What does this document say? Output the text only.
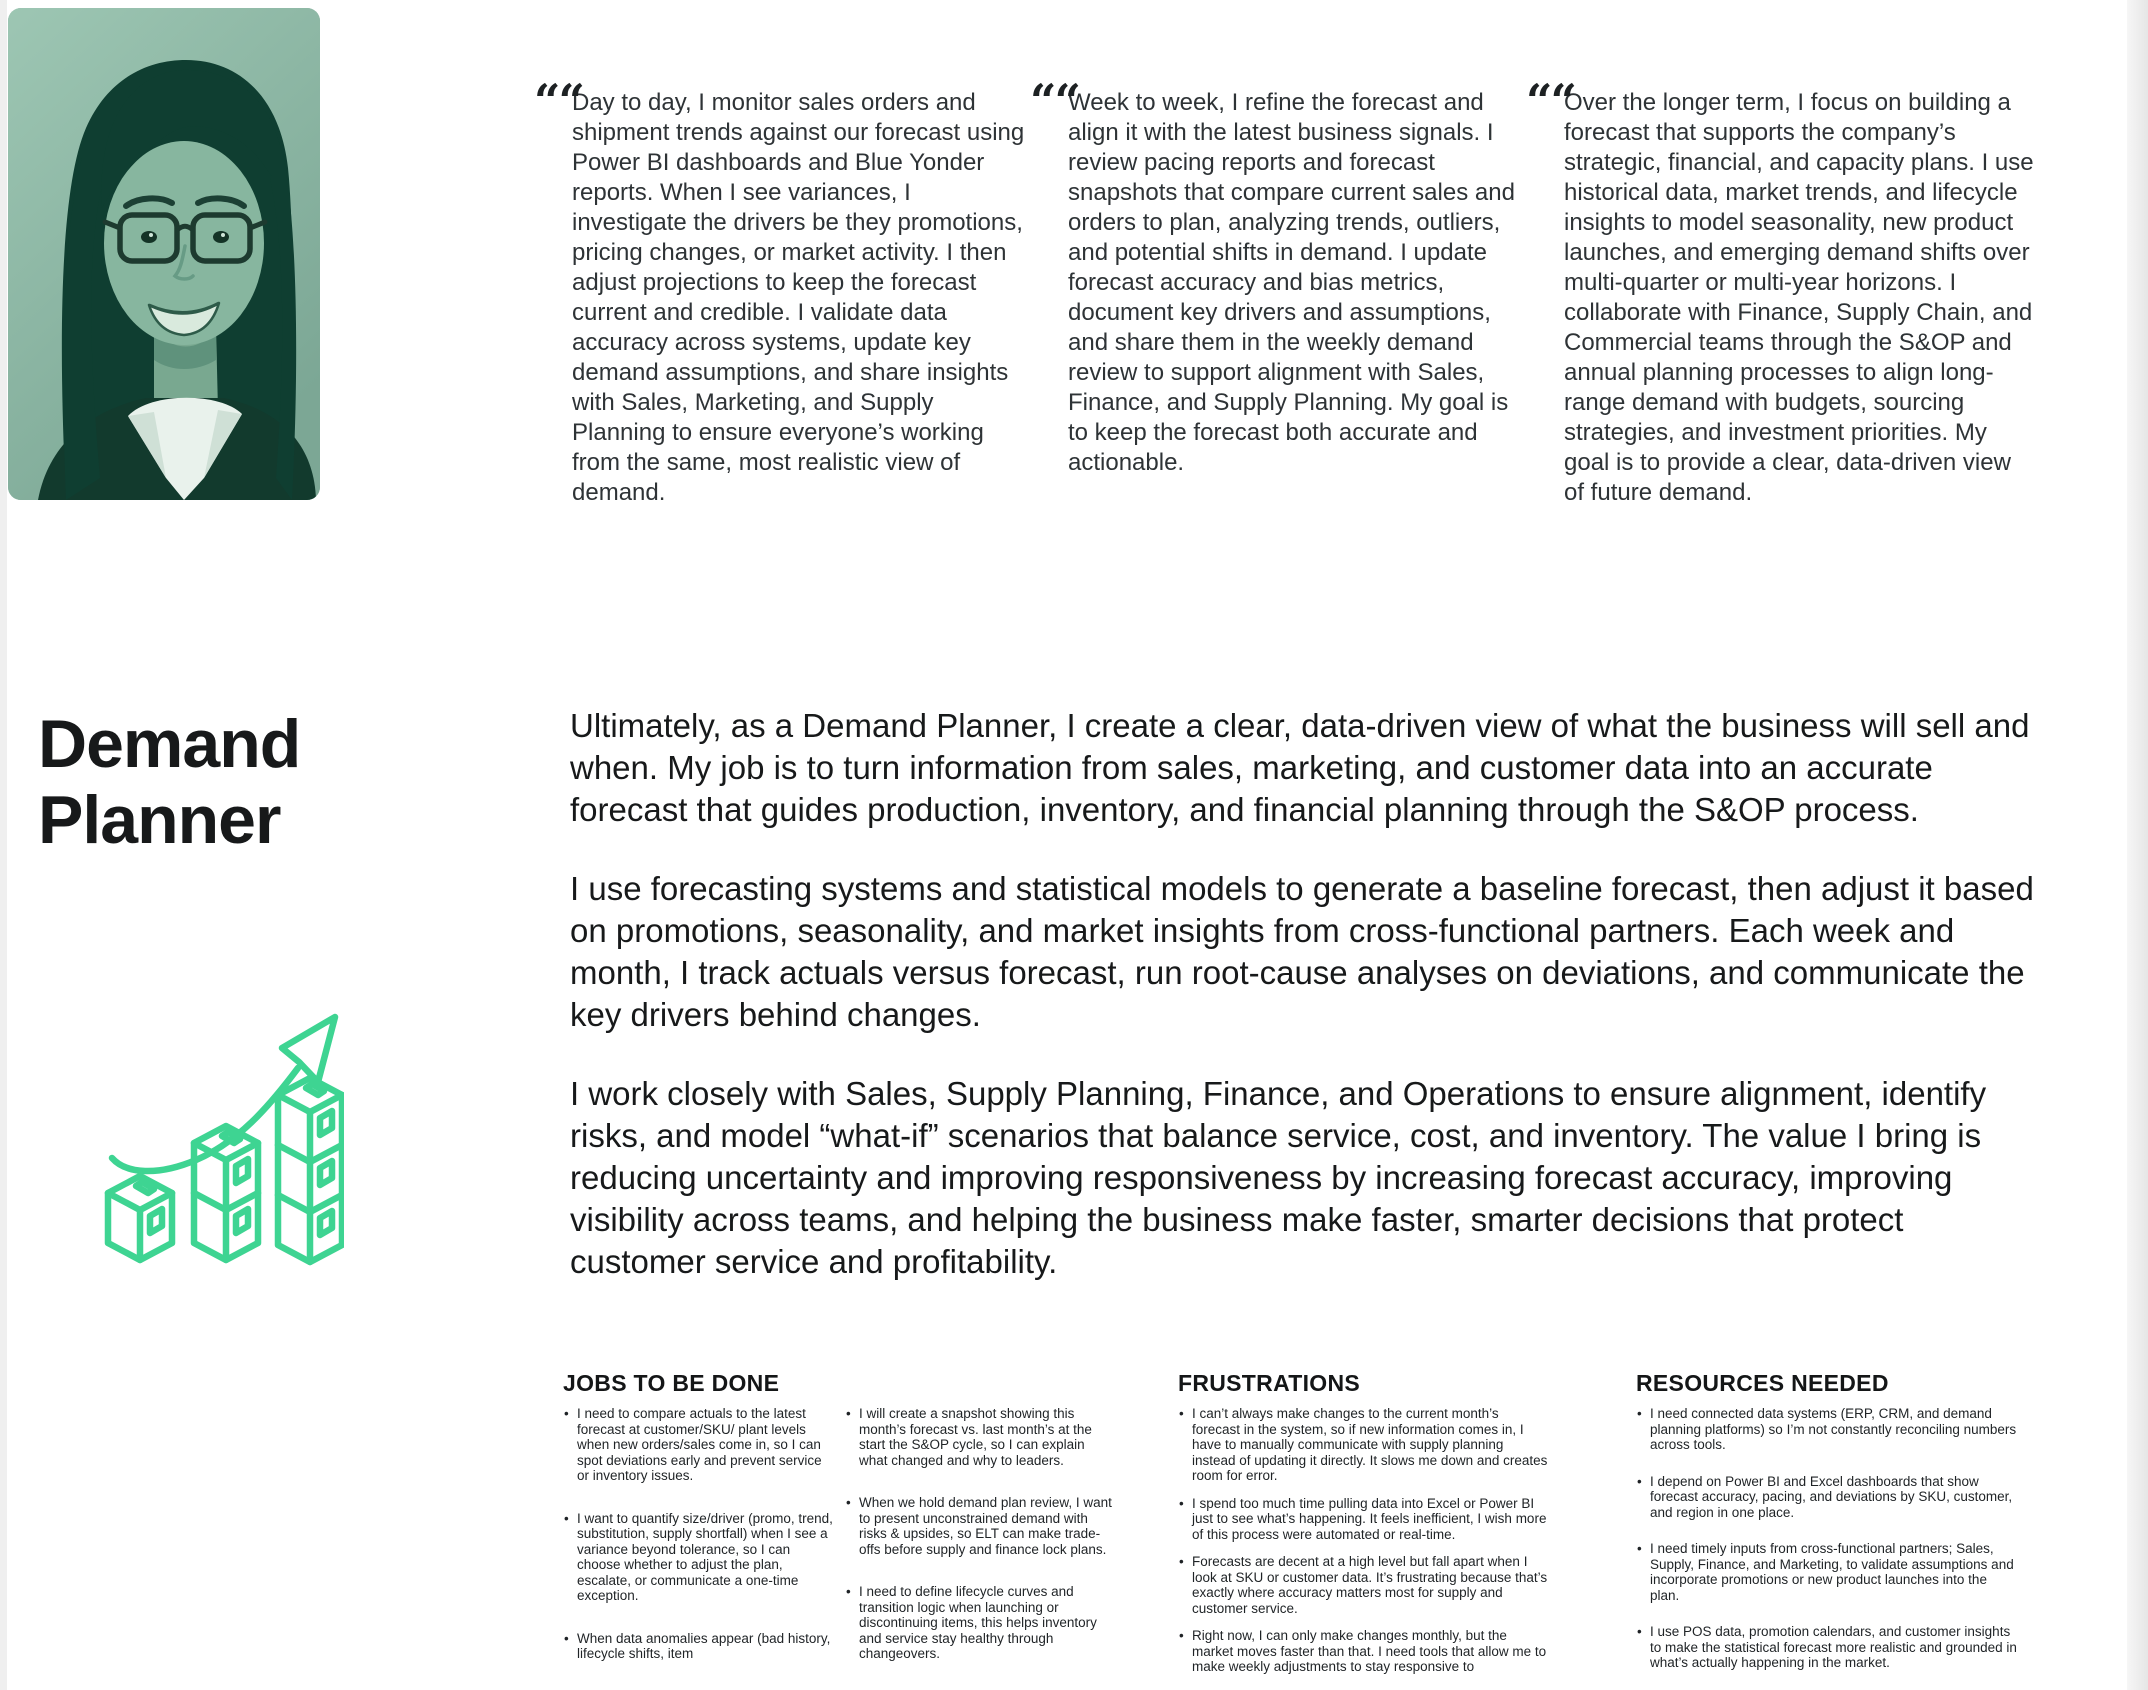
Demand
Planner
““
Day to day, I monitor sales orders and shipment trends against our forecast using Power BI dashboards and Blue Yonder reports. When I see variances, I investigate the drivers be they promotions, pricing changes, or market activity. I then adjust projections to keep the forecast current and credible. I validate data accuracy across systems, update key demand assumptions, and share insights with Sales, Marketing, and Supply Planning to ensure everyone’s working from the same, most realistic view of demand.
““
Week to week, I refine the forecast and align it with the latest business signals. I review pacing reports and forecast snapshots that compare current sales and orders to plan, analyzing trends, outliers, and potential shifts in demand. I update forecast accuracy and bias metrics, document key drivers and assumptions, and share them in the weekly demand review to support alignment with Sales, Finance, and Supply Planning. My goal is to keep the forecast both accurate and actionable.
““
Over the longer term, I focus on building a forecast that supports the company’s strategic, financial, and capacity plans. I use historical data, market trends, and lifecycle insights to model seasonality, new product launches, and emerging demand shifts over multi-quarter or multi-year horizons. I collaborate with Finance, Supply Chain, and Commercial teams through the S&OP and annual planning processes to align long-range demand with budgets, sourcing strategies, and investment priorities. My goal is to provide a clear, data-driven view of future demand.

Ultimately, as a Demand Planner, I create a clear, data-driven view of what the business will sell and when. My job is to turn information from sales, marketing, and customer data into an accurate forecast that guides production, inventory, and financial planning through the S&OP process.

I use forecasting systems and statistical models to generate a baseline forecast, then adjust it based on promotions, seasonality, and market insights from cross-functional partners. Each week and month, I track actuals versus forecast, run root-cause analyses on deviations, and communicate the key drivers behind changes.

I work closely with Sales, Supply Planning, Finance, and Operations to ensure alignment, identify risks, and model “what-if” scenarios that balance service, cost, and inventory. The value I bring is reducing uncertainty and improving responsiveness by increasing forecast accuracy, improving visibility across teams, and helping the business make faster, smarter decisions that protect customer service and profitability.

JOBS TO BE DONE
• I need to compare actuals to the latest forecast at customer/SKU/ plant levels when new orders/sales come in, so I can spot deviations early and prevent service or inventory issues.
• I want to quantify size/driver (promo, trend, substitution, supply shortfall) when I see a variance beyond tolerance, so I can choose whether to adjust the plan, escalate, or communicate a one-time exception.
• When data anomalies appear (bad history, lifecycle shifts, item
• I will create a snapshot showing this month’s forecast vs. last month’s at the start the S&OP cycle, so I can explain what changed and why to leaders.
• When we hold demand plan review, I want to present unconstrained demand with risks & upsides, so ELT can make trade-offs before supply and finance lock plans.
• I need to define lifecycle curves and transition logic when launching or discontinuing items, this helps inventory and service stay healthy through changeovers.
FRUSTRATIONS
• I can’t always make changes to the current month’s forecast in the system, so if new information comes in, I have to manually communicate with supply planning instead of updating it directly. It slows me down and creates room for error.
• I spend too much time pulling data into Excel or Power BI just to see what’s happening. It feels inefficient, I wish more of this process were automated or real-time.
• Forecasts are decent at a high level but fall apart when I look at SKU or customer data. It’s frustrating because that’s exactly where accuracy matters most for supply and customer service.
• Right now, I can only make changes monthly, but the market moves faster than that. I need tools that allow me to make weekly adjustments to stay responsive to
RESOURCES NEEDED
• I need connected data systems (ERP, CRM, and demand planning platforms) so I’m not constantly reconciling numbers across tools.
• I depend on Power BI and Excel dashboards that show forecast accuracy, pacing, and deviations by SKU, customer, and region in one place.
• I need timely inputs from cross-functional partners; Sales, Supply, Finance, and Marketing, to validate assumptions and incorporate promotions or new product launches into the plan.
• I use POS data, promotion calendars, and customer insights to make the statistical forecast more realistic and grounded in what’s actually happening in the market.
